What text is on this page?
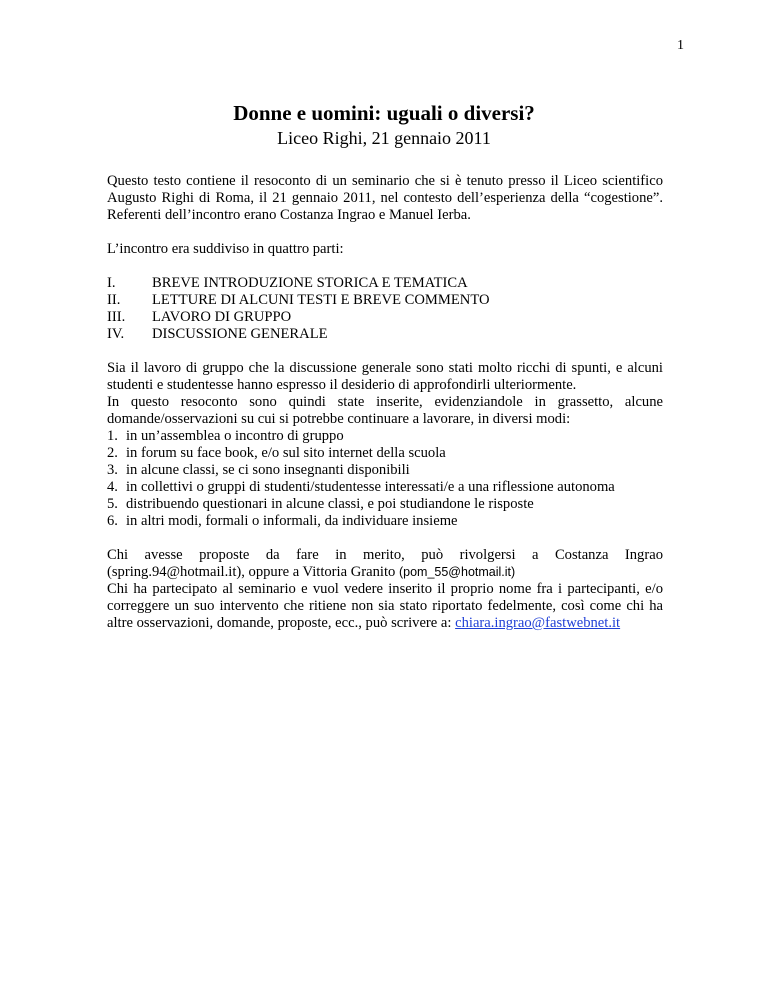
1

Donne e uomini: uguali o diversi?

Liceo Righi, 21 gennaio 2011

Questo testo contiene il resoconto di un seminario che si è tenuto presso il Liceo scientifico Augusto Righi di Roma, il 21 gennaio 2011, nel contesto dell’esperienza della “cogestione”. Referenti dell’incontro erano Costanza Ingrao e Manuel Ierba.

L’incontro era suddiviso in quattro parti:

I.	BREVE INTRODUZIONE STORICA E TEMATICA
II.	LETTURE DI ALCUNI TESTI E BREVE COMMENTO
III.	LAVORO DI GRUPPO
IV.	DISCUSSIONE GENERALE

Sia il lavoro di gruppo che la discussione generale sono stati molto ricchi di spunti, e alcuni studenti e studentesse hanno espresso il desiderio di approfondirli ulteriormente.

In questo resoconto sono quindi state inserite, evidenziandole in grassetto, alcune domande/osservazioni su cui si potrebbe continuare a lavorare, in diversi modi:

1. in un’assemblea o incontro di gruppo
2. in forum su face book, e/o sul sito internet della scuola
3. in alcune classi, se ci sono insegnanti disponibili
4. in collettivi o gruppi di studenti/studentesse interessati/e a una riflessione autonoma
5. distribuendo questionari in alcune classi, e poi studiandone le risposte
6. in altri modi, formali o informali, da individuare insieme

Chi avesse proposte da fare in merito, può rivolgersi a Costanza Ingrao (spring.94@hotmail.it), oppure a Vittoria Granito (pom_55@hotmail.it)

Chi ha partecipato al seminario e vuol vedere inserito il proprio nome fra i partecipanti, e/o correggere un suo intervento che ritiene non sia stato riportato fedelmente, così come chi ha altre osservazioni, domande, proposte, ecc., può scrivere a: chiara.ingrao@fastwebnet.it
